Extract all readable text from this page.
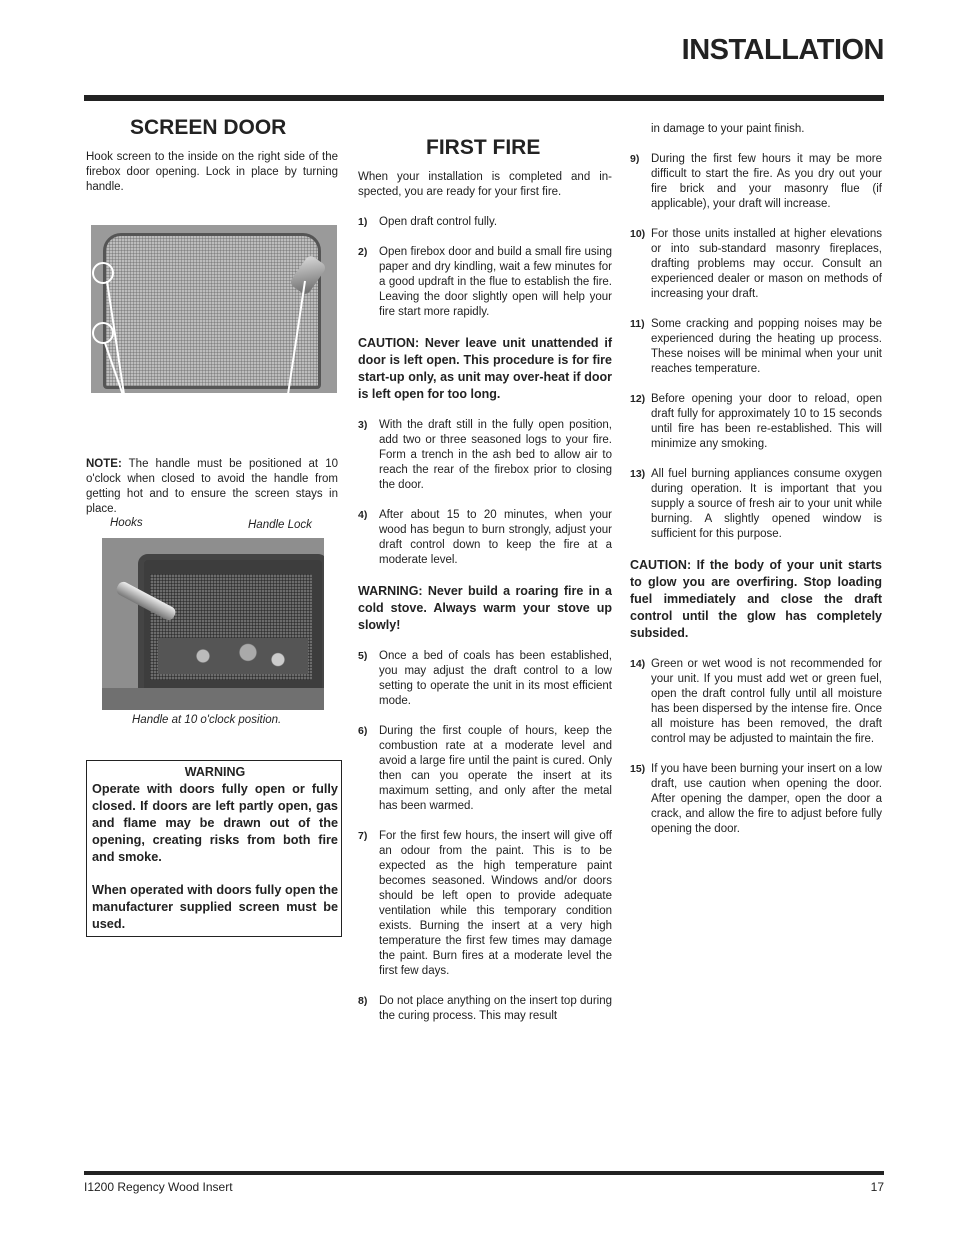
INSTALLATION
SCREEN DOOR

Hook screen to the inside on the right side of the firebox door opening. Lock in place by turning handle.

Hooks	Handle Lock

NOTE: The handle must be positioned at 10 o'clock when closed to avoid the handle from getting hot and to ensure the screen stays in place.

Handle at 10 o'clock position.
WARNING

Operate with doors fully open or fully closed. If doors are left partly open, gas and flame may be drawn out of the opening, creating risks from both fire and smoke.

When operated with doors fully open the manufacturer supplied screen must be used.

FIRST FIRE

When your installation is completed and in-spected, you are ready for your first fire.

1) Open draft control fully.
2) Open firebox door and build a small fire using paper and dry kindling, wait a few minutes for a good updraft in the flue to establish the fire. Leaving the door slightly open will help your fire start more rapidly.

CAUTION: Never leave unit unattended if door is left open. This procedure is for fire start-up only, as unit may over-heat if door is left open for too long.

3) With the draft still in the fully open position, add two or three seasoned logs to your fire. Form a trench in the ash bed to allow air to reach the rear of the firebox prior to closing the door.
4) After about 15 to 20 minutes, when your wood has begun to burn strongly, adjust your draft control down to keep the fire at a moderate level.

WARNING: Never build a roaring fire in a cold stove. Always warm your stove up slowly!

5) Once a bed of coals has been established, you may adjust the draft control to a low setting to operate the unit in its most efficient mode.
6) During the first couple of hours, keep the combustion rate at a moderate level and avoid a large fire until the paint is cured. Only then can you operate the insert at its maximum setting, and only after the metal has been warmed.
7) For the first few hours, the insert will give off an odour from the paint. This is to be expected as the high temperature paint becomes seasoned. Windows and/or doors should be left open to provide adequate ventilation while this temporary condition exists. Burning the insert at a very high temperature the first few times may damage the paint. Burn fires at a moderate level the first few days.
8) Do not place anything on the insert top during the curing process. This may result

in damage to your paint finish.

9) During the first few hours it may be more difficult to start the fire. As you dry out your fire brick and your masonry flue (if applicable), your draft will increase.
10) For those units installed at higher elevations or into sub-standard masonry fireplaces, drafting problems may occur. Consult an experienced dealer or mason on methods of increasing your draft.
11) Some cracking and popping noises may be experienced during the heating up process. These noises will be minimal when your unit reaches temperature.
12) Before opening your door to reload, open draft fully for approximately 10 to 15 seconds until fire has been re-established. This will minimize any smoking.
13) All fuel burning appliances consume oxygen during operation. It is important that you supply a source of fresh air to your unit while burning. A slightly opened window is sufficient for this purpose.

CAUTION: If the body of your unit starts to glow you are overfiring. Stop loading fuel immediately and close the draft control until the glow has completely subsided.

14) Green or wet wood is not recommended for your unit. If you must add wet or green fuel, open the draft control fully until all moisture has been dispersed by the intense fire. Once all moisture has been removed, the draft control may be adjusted to maintain the fire.
15) If you have been burning your insert on a low draft, use caution when opening the door. After opening the damper, open the door a crack, and allow the fire to adjust before fully opening the door.
I1200 Regency Wood Insert	17
